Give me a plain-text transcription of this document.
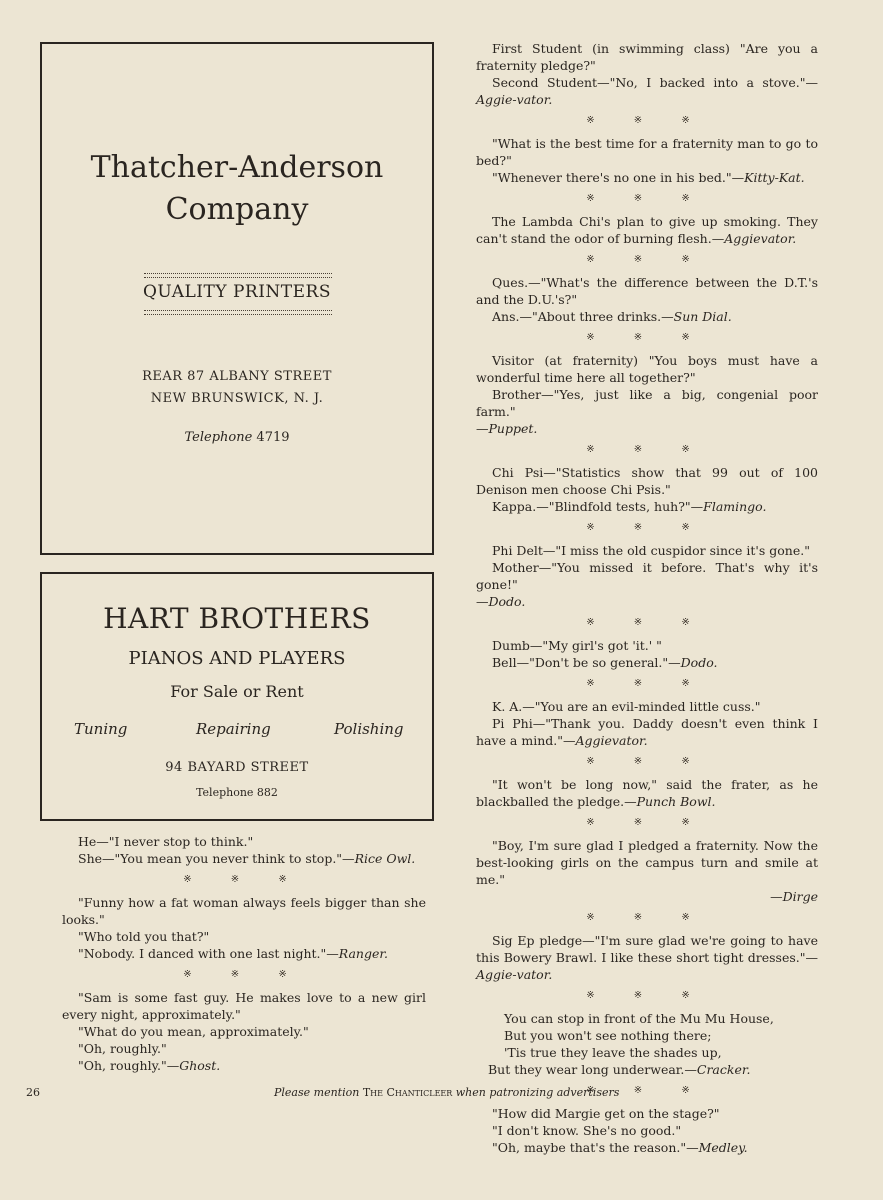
Thatcher-Anderson
Company
QUALITY PRINTERS
REAR 87 ALBANY STREET
NEW BRUNSWICK, N. J.
Telephone 4719
HART BROTHERS
PIANOS AND PLAYERS
For Sale or Rent
Tuning	Repairing	Polishing
94 BAYARD STREET
Telephone 882
He—"I never stop to think."
She—"You mean you never think to stop."—Rice Owl.
※ ※ ※
"Funny how a fat woman always feels bigger than she looks."
"Who told you that?"
"Nobody. I danced with one last night."—Ranger.
※ ※ ※
"Sam is some fast guy. He makes love to a new girl every night, approximately."
"What do you mean, approximately."
"Oh, roughly."
"Oh, roughly."—Ghost.
First Student (in swimming class) "Are you a fraternity pledge?"
Second Student—"No, I backed into a stove."—Aggie-vator.
※ ※ ※
"What is the best time for a fraternity man to go to bed?"
"Whenever there's no one in his bed."—Kitty-Kat.
※ ※ ※
The Lambda Chi's plan to give up smoking. They can't stand the odor of burning flesh.—Aggievator.
※ ※ ※
Ques.—"What's the difference between the D.T.'s and the D.U.'s?"
Ans.—"About three drinks.—Sun Dial.
※ ※ ※
Visitor (at fraternity) "You boys must have a wonderful time here all together?"
Brother—"Yes, just like a big, congenial poor farm."
—Puppet.
※ ※ ※
Chi Psi—"Statistics show that 99 out of 100 Denison men choose Chi Psis."
Kappa.—"Blindfold tests, huh?"—Flamingo.
※ ※ ※
Phi Delt—"I miss the old cuspidor since it's gone."
Mother—"You missed it before. That's why it's gone!"
—Dodo.
※ ※ ※
Dumb—"My girl's got 'it.' "
Bell—"Don't be so general."—Dodo.
※ ※ ※
K. A.—"You are an evil-minded little cuss."
Pi Phi—"Thank you. Daddy doesn't even think I have a mind."—Aggievator.
※ ※ ※
"It won't be long now," said the frater, as he blackballed the pledge.—Punch Bowl.
※ ※ ※
"Boy, I'm sure glad I pledged a fraternity. Now the best-looking girls on the campus turn and smile at me."
—Dirge
※ ※ ※
Sig Ep pledge—"I'm sure glad we're going to have this Bowery Brawl. I like these short tight dresses."—Aggie-vator.
※ ※ ※
You can stop in front of the Mu Mu House,
But you won't see nothing there;
'Tis true they leave the shades up,
But they wear long underwear.—Cracker.
※ ※ ※
"How did Margie get on the stage?"
"I don't know. She's no good."
"Oh, maybe that's the reason."—Medley.
26	Please mention The Chanticleer when patronizing advertisers
